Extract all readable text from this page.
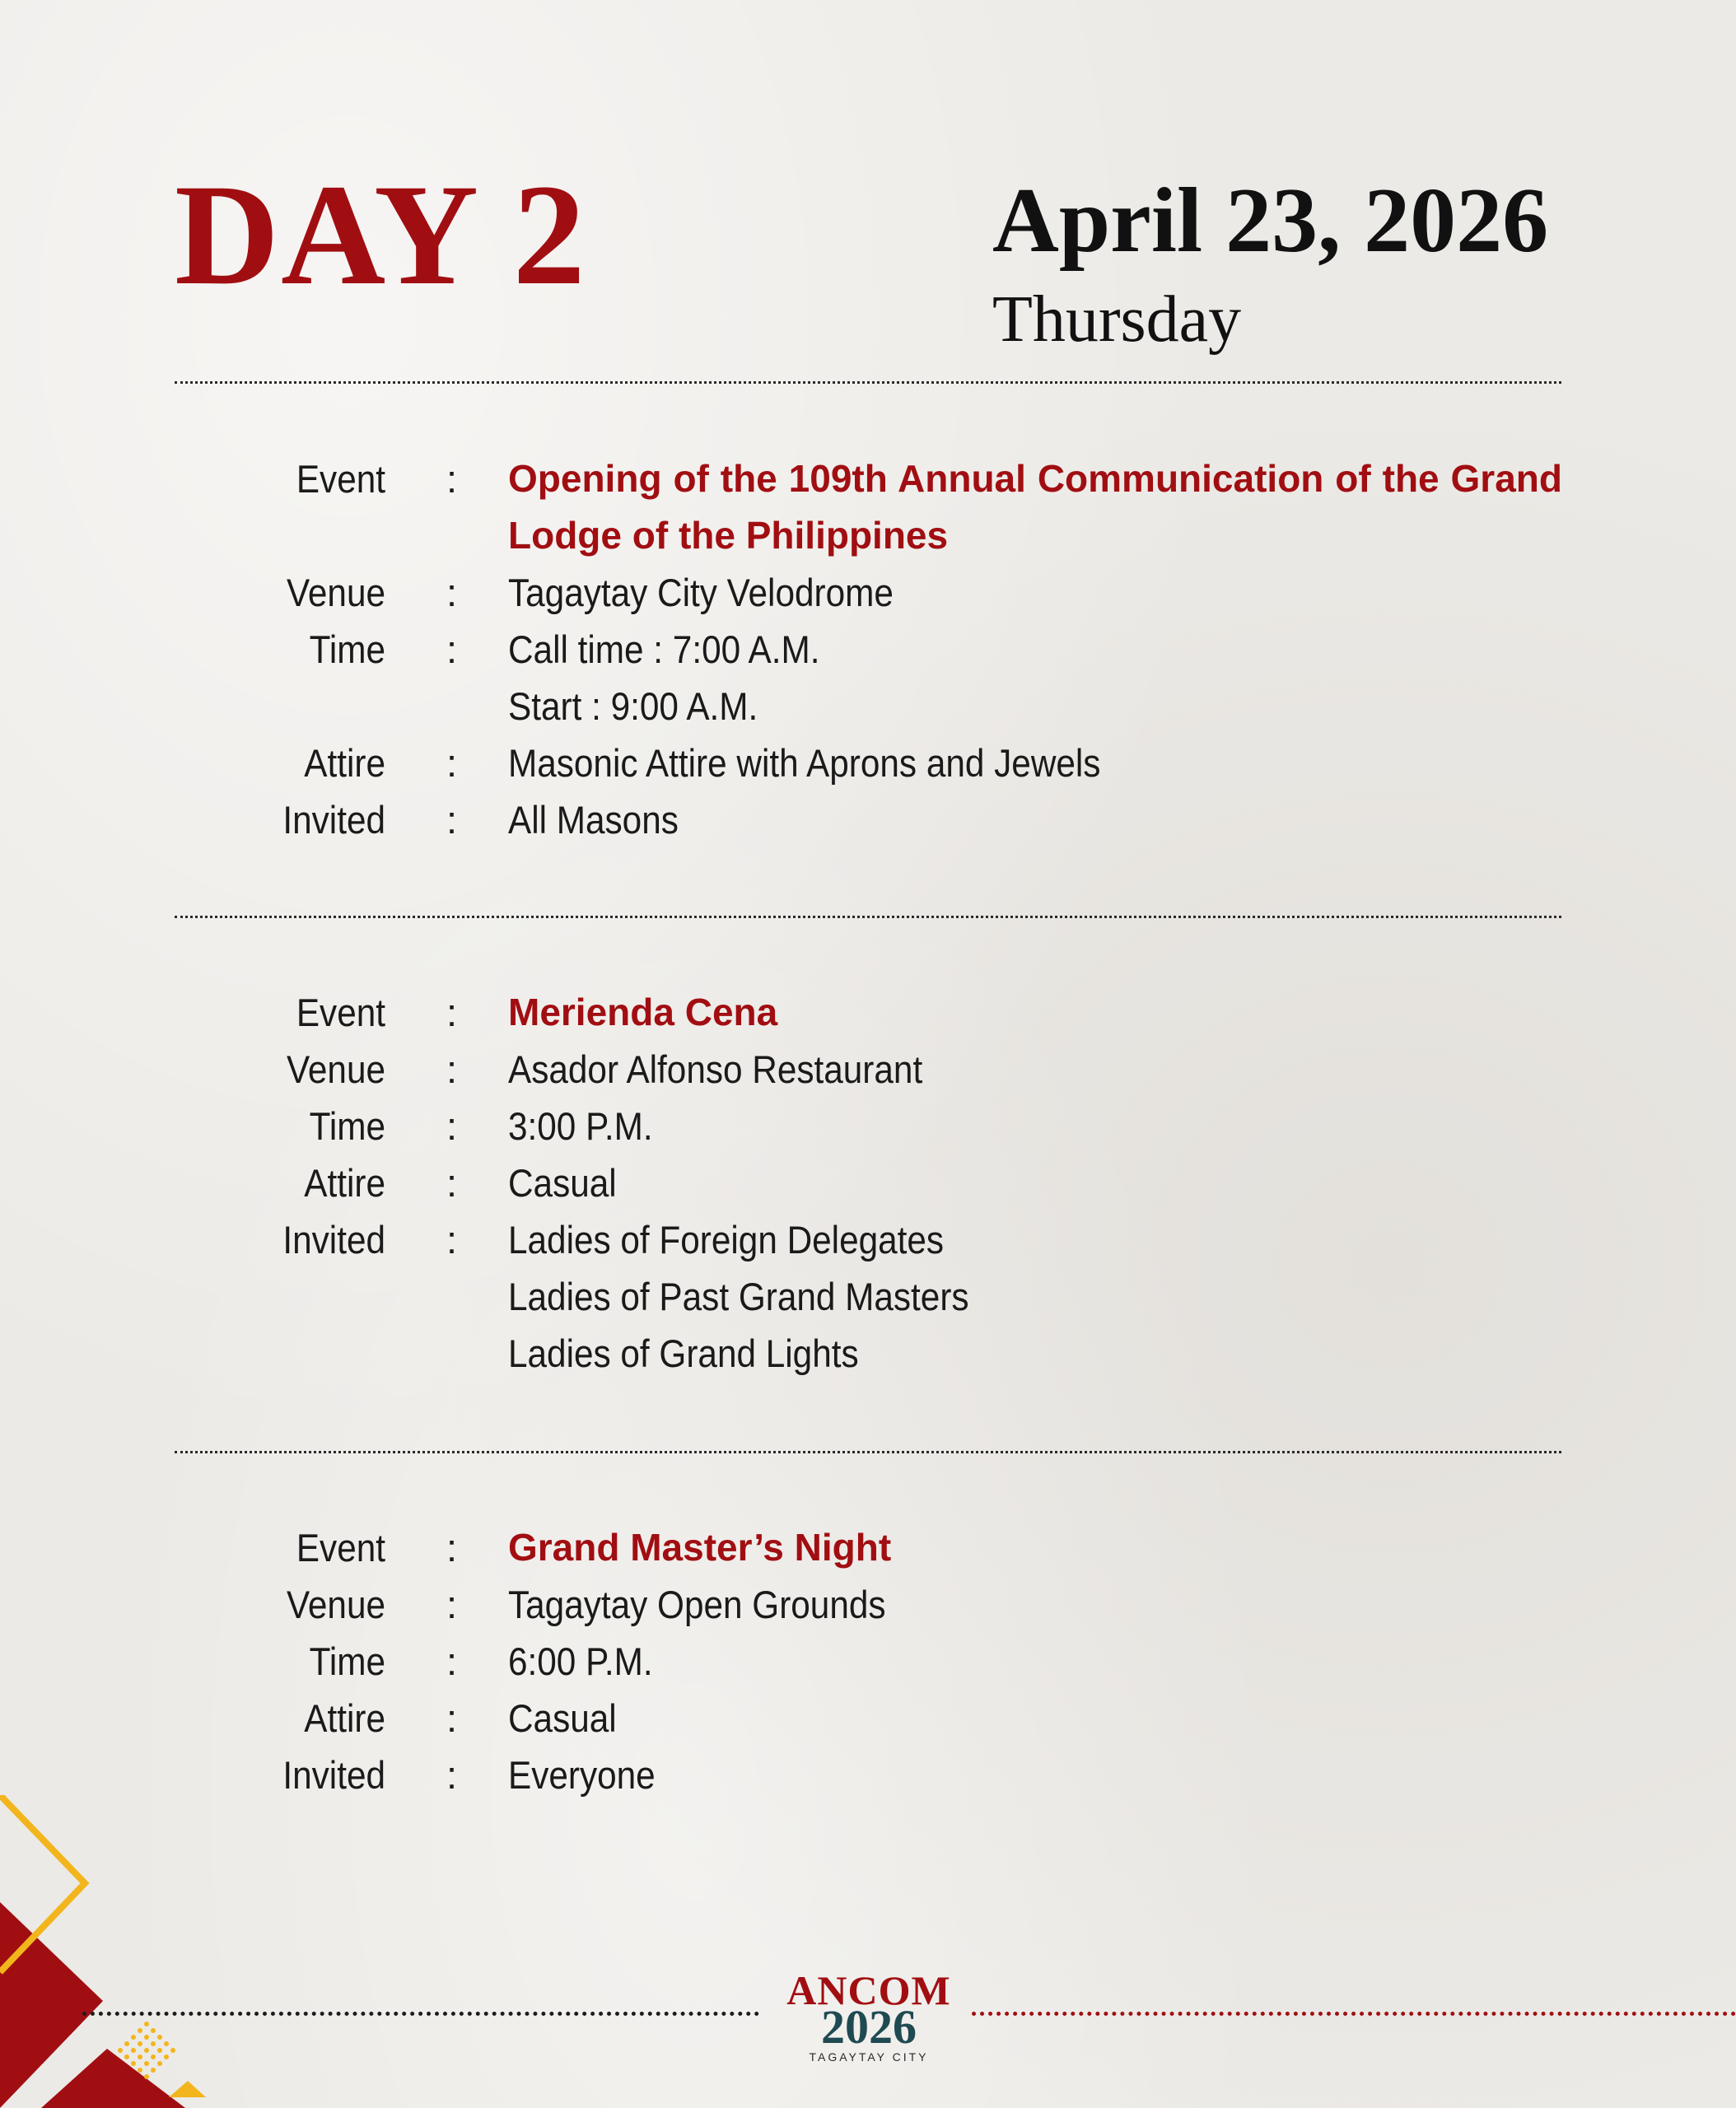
DAY 2	April 23, 2026
Thursday
Event : Opening of the 109th Annual Communication of the Grand Lodge of the Philippines
Venue : Tagaytay City Velodrome
Time : Call time : 7:00 A.M.
Start : 9:00 A.M.
Attire : Masonic Attire with Aprons and Jewels
Invited : All Masons
Event : Merienda Cena
Venue : Asador Alfonso Restaurant
Time : 3:00 P.M.
Attire : Casual
Invited : Ladies of Foreign Delegates
Ladies of Past Grand Masters
Ladies of Grand Lights
Event : Grand Master’s Night
Venue : Tagaytay Open Grounds
Time : 6:00 P.M.
Attire : Casual
Invited : Everyone
ANCOM
2026
TAGAYTAY CITY
